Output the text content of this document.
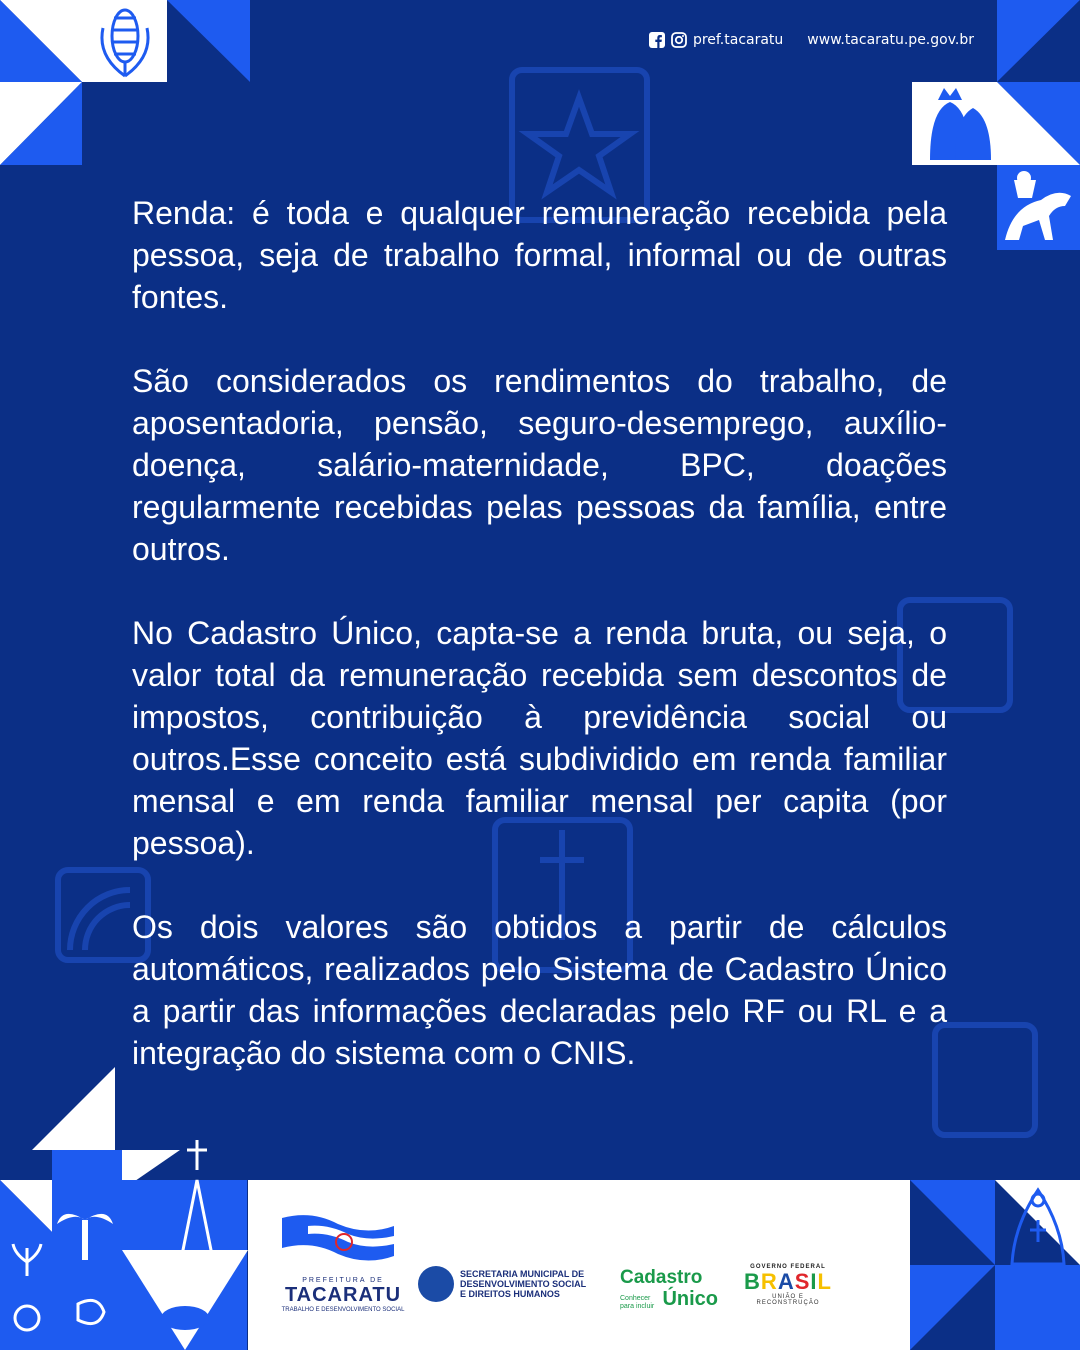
pref.tacaratu www.tacaratu.pe.gov.br

Renda: é toda e qualquer remuneração recebida pela pessoa, seja de trabalho formal, informal ou de outras fontes.

São considerados os rendimentos do trabalho, de aposentadoria, pensão, seguro-desemprego, auxílio-doença, salário-maternidade, BPC, doações regularmente recebidas pelas pessoas da família, entre outros.

No Cadastro Único, capta-se a renda bruta, ou seja, o valor total da remuneração recebida sem descontos de impostos, contribuição à previdência social ou outros.Esse conceito está subdividido em renda familiar mensal e em renda familiar mensal per capita (por pessoa).

Os dois valores são obtidos a partir de cálculos automáticos, realizados pelo Sistema de Cadastro Único a partir das informações declaradas pelo RF ou RL e a integração do sistema com o CNIS.

PREFEITURA DE
TACARATU
TRABALHO E DESENVOLVIMENTO SOCIAL
SECRETARIA MUNICIPAL DE
DESENVOLVIMENTO SOCIAL
E DIREITOS HUMANOS
Cadastro
Conhecer para incluir Único
GOVERNO FEDERAL
BRASIL
UNIÃO E RECONSTRUÇÃO
